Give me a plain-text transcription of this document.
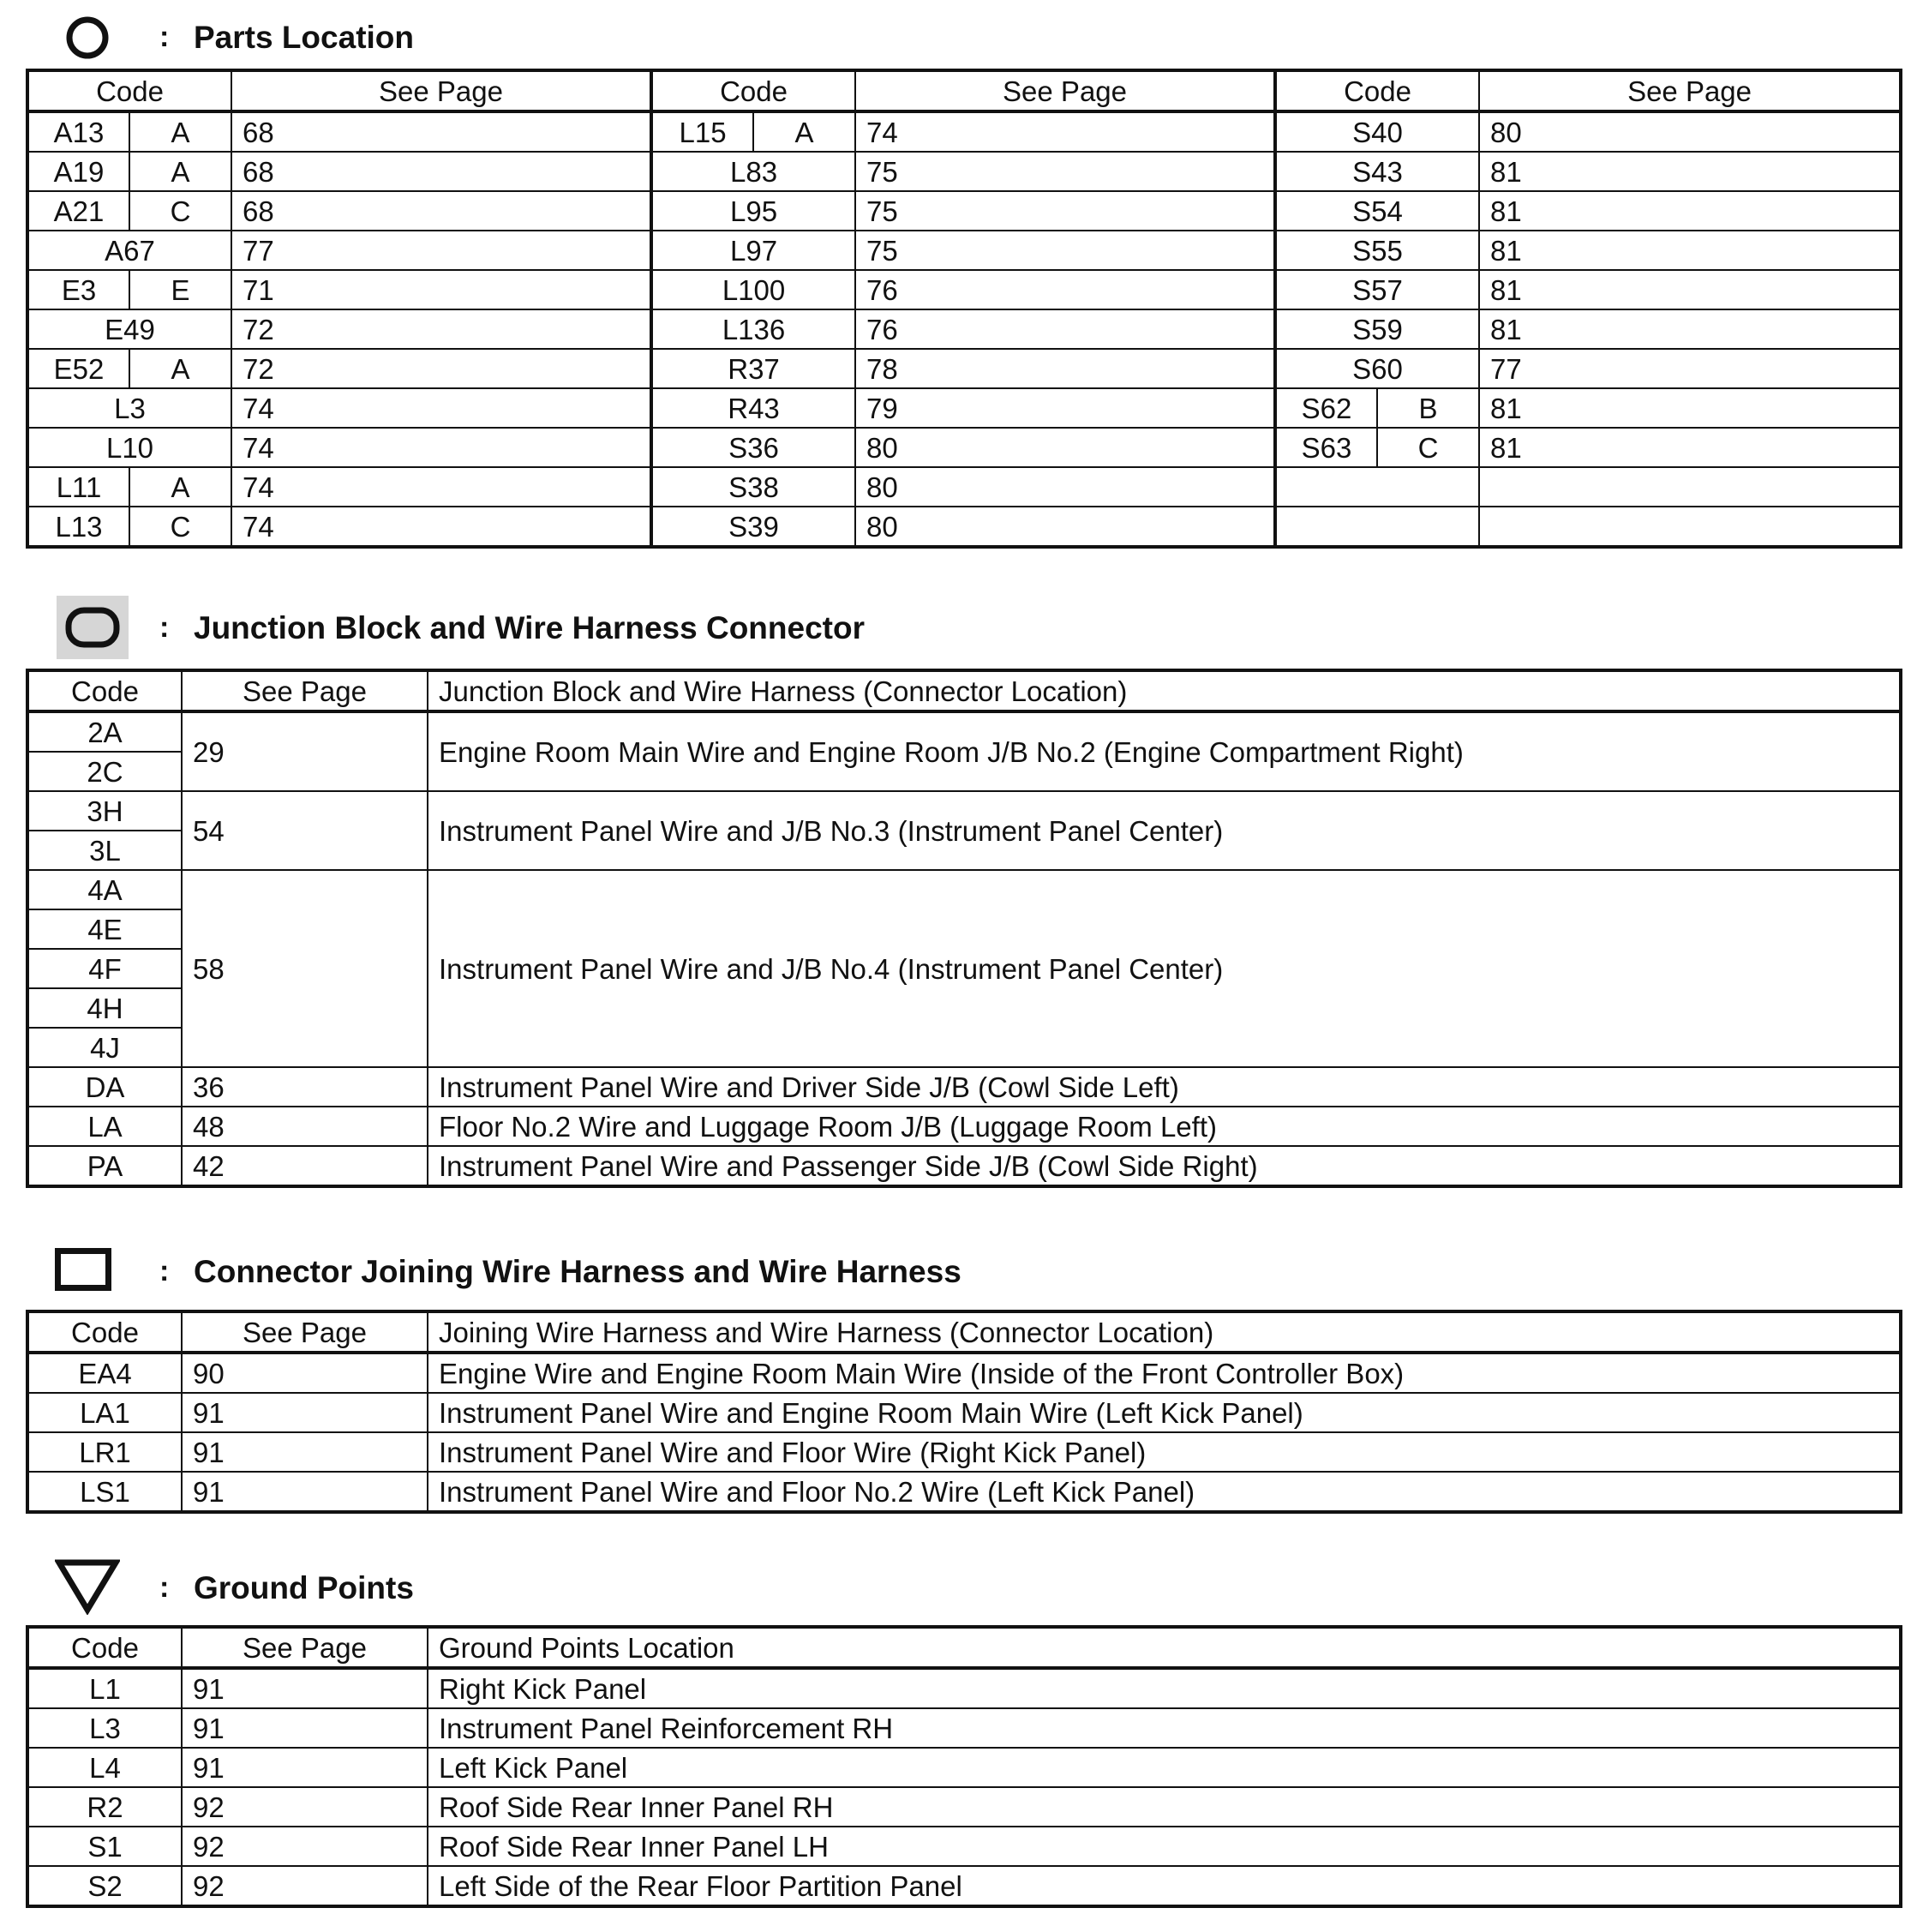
: Parts Location
Code		See Page	Code		See Page	Code		See Page
A13	A	68	L15	A	74	S40		80
A19	A	68	L83		75	S43		81
A21	C	68	L95		75	S54		81
A67		77	L97		75	S55		81
E3	E	71	L100		76	S57		81
E49		72	L136		76	S59		81
E52	A	72	R37		78	S60		77
L3		74	R43		79	S62	B	81
L10		74	S36		80	S63	C	81
L11	A	74	S38		80			
L13	C	74	S39		80			
: Junction Block and Wire Harness Connector
Code	See Page	Junction Block and Wire Harness (Connector Location)
2A	29	Engine Room Main Wire and Engine Room J/B No.2 (Engine Compartment Right)
2C		
3H	54	Instrument Panel Wire and J/B No.3 (Instrument Panel Center)
3L		
4A	58	Instrument Panel Wire and J/B No.4 (Instrument Panel Center)
4E		
4F		
4H		
4J		
DA	36	Instrument Panel Wire and Driver Side J/B (Cowl Side Left)
LA	48	Floor No.2 Wire and Luggage Room J/B (Luggage Room Left)
PA	42	Instrument Panel Wire and Passenger Side J/B (Cowl Side Right)
: Connector Joining Wire Harness and Wire Harness
Code	See Page	Joining Wire Harness and Wire Harness (Connector Location)
EA4	90	Engine Wire and Engine Room Main Wire (Inside of the Front Controller Box)
LA1	91	Instrument Panel Wire and Engine Room Main Wire (Left Kick Panel)
LR1	91	Instrument Panel Wire and Floor Wire (Right Kick Panel)
LS1	91	Instrument Panel Wire and Floor No.2 Wire (Left Kick Panel)
: Ground Points
Code	See Page	Ground Points Location
L1	91	Right Kick Panel
L3	91	Instrument Panel Reinforcement RH
L4	91	Left Kick Panel
R2	92	Roof Side Rear Inner Panel RH
S1	92	Roof Side Rear Inner Panel LH
S2	92	Left Side of the Rear Floor Partition Panel
